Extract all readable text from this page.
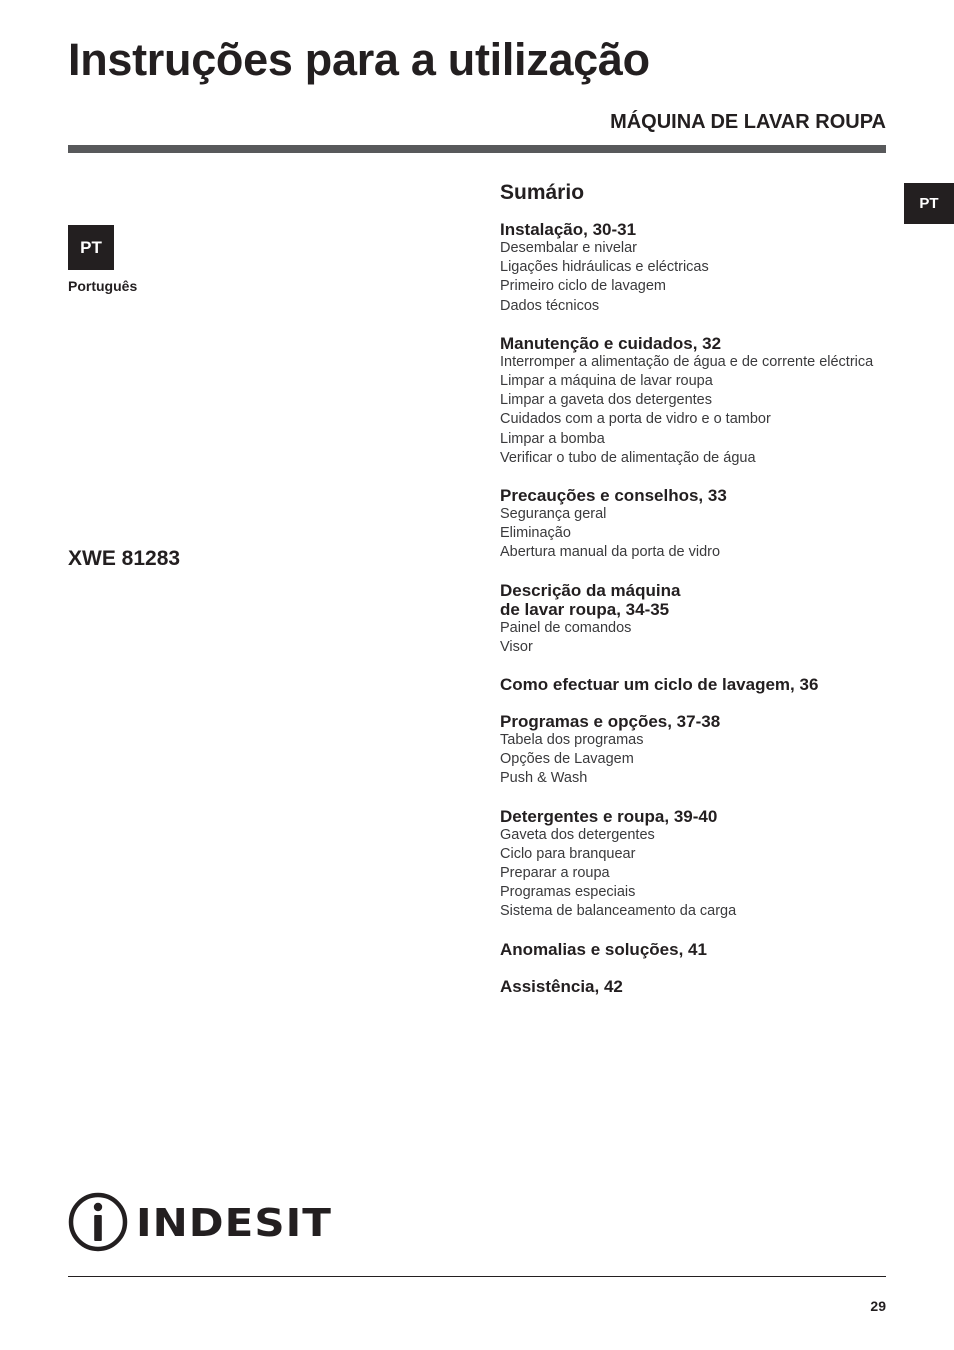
Instruções para a utilização
MÁQUINA DE LAVAR ROUPA
PT
Português
PT
XWE 81283
Sumário
Instalação, 30-31
Desembalar e nivelar
Ligações hidráulicas e eléctricas
Primeiro ciclo de lavagem
Dados técnicos
Manutenção e cuidados, 32
Interromper a alimentação de água e de corrente eléctrica
Limpar a máquina de lavar roupa
Limpar a gaveta dos detergentes
Cuidados com a porta de vidro e o tambor
Limpar a bomba
Verificar o tubo de alimentação de água
Precauções e conselhos, 33
Segurança geral
Eliminação
Abertura manual da porta de vidro
Descrição da máquina
de lavar roupa, 34-35
Painel de comandos
Visor
Como efectuar um ciclo de lavagem, 36
Programas e opções, 37-38
Tabela dos programas
Opções de Lavagem
Push & Wash
Detergentes e roupa, 39-40
Gaveta dos detergentes
Ciclo para branquear
Preparar a roupa
Programas especiais
Sistema de balanceamento da carga
Anomalias e soluções, 41
Assistência, 42
INDESIT
29
